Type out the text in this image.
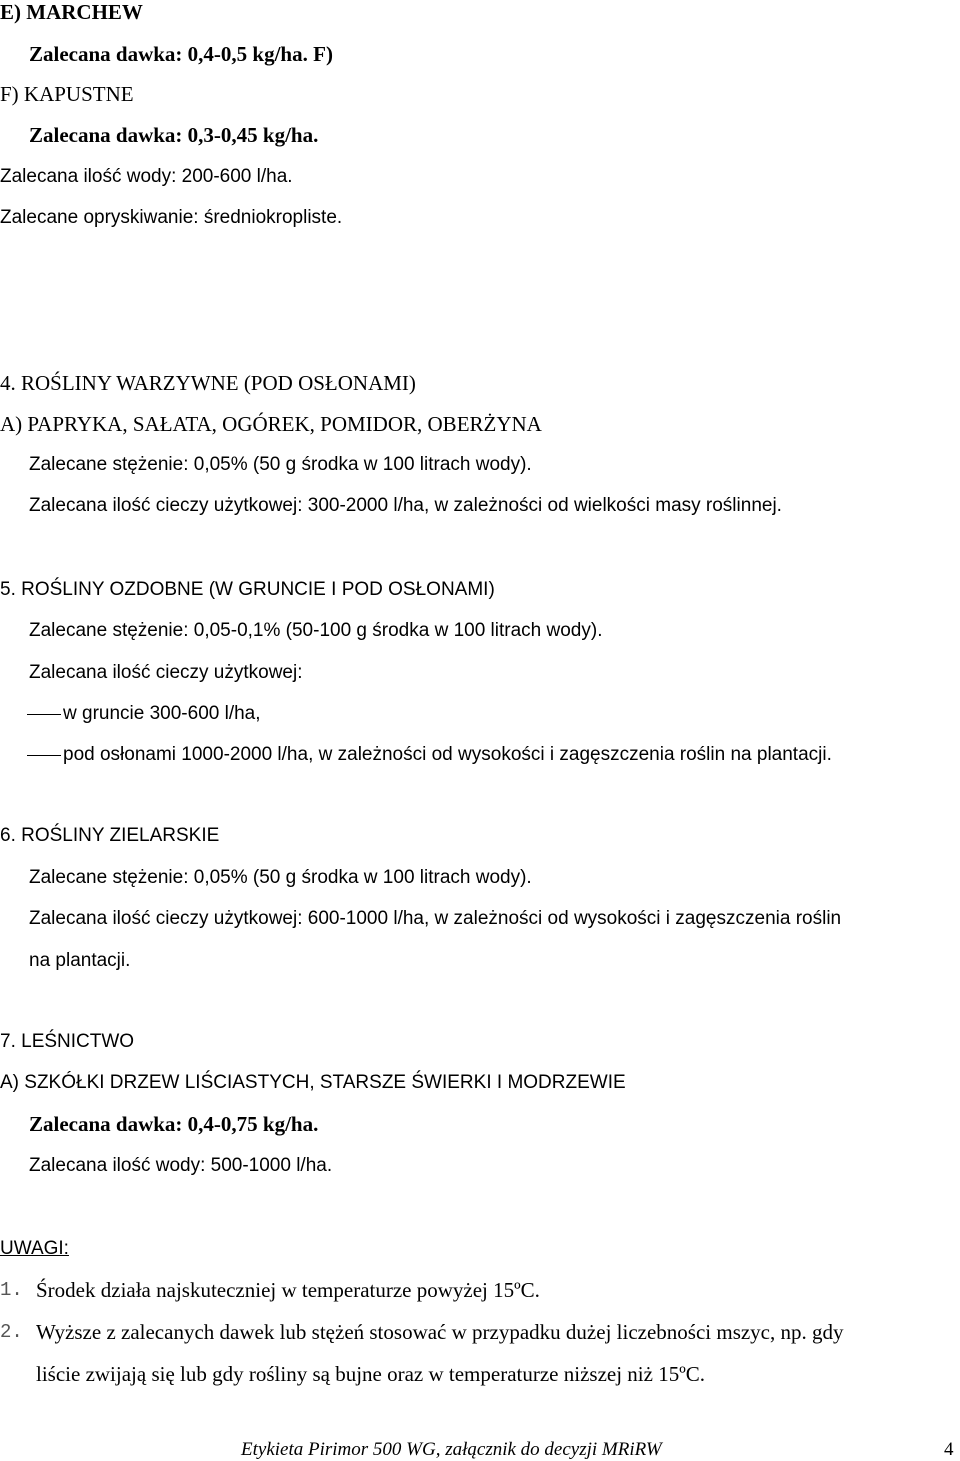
E) MARCHEW
Zalecana dawka: 0,4-0,5 kg/ha. F)
F) KAPUSTNE
Zalecana dawka: 0,3-0,45 kg/ha.
Zalecana ilość wody: 200-600 l/ha.
Zalecane opryskiwanie: średniokropliste.
4. ROŚLINY WARZYWNE (POD OSŁONAMI)
A) PAPRYKA, SAŁATA, OGÓREK, POMIDOR, OBERŻYNA
Zalecane stężenie: 0,05% (50 g środka w 100 litrach wody).
Zalecana ilość cieczy użytkowej: 300-2000 l/ha, w zależności od wielkości masy roślinnej.
5. ROŚLINY OZDOBNE (W GRUNCIE I POD OSŁONAMI)
Zalecane stężenie: 0,05-0,1% (50-100 g środka w 100 litrach wody).
Zalecana ilość cieczy użytkowej:
w gruncie 300-600 l/ha,
pod osłonami 1000-2000 l/ha, w zależności od wysokości i zagęszczenia roślin na plantacji.
6. ROŚLINY ZIELARSKIE
Zalecane stężenie: 0,05% (50 g środka w 100 litrach wody).
Zalecana ilość cieczy użytkowej: 600-1000 l/ha, w zależności od wysokości i zagęszczenia roślin
na plantacji.
7. LEŚNICTWO
A) SZKÓŁKI DRZEW LIŚCIASTYCH, STARSZE ŚWIERKI I MODRZEWIE
Zalecana dawka: 0,4-0,75 kg/ha.
Zalecana ilość wody: 500-1000 l/ha.
UWAGI:
1. Środek działa najskuteczniej w temperaturze powyżej 15ºC.
2. Wyższe z zalecanych dawek lub stężeń stosować w przypadku dużej liczebności mszyc, np. gdy
liście zwijają się lub gdy rośliny są bujne oraz w temperaturze niższej niż 15ºC.
Etykieta Pirimor 500 WG, załącznik do decyzji MRiRW	4
